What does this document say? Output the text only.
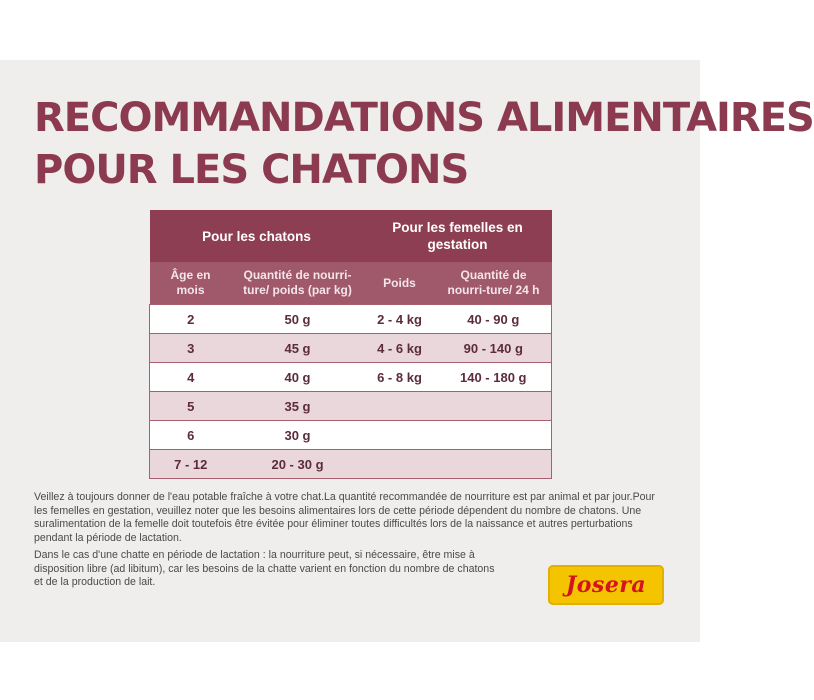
RECOMMANDATIONS ALIMENTAIRES
POUR LES CHATONS
Pour les chatons		Pour les femelles en gestation	
Âge en mois	Quantité de nourri-ture/ poids (par kg)	Poids	Quantité de nourri-ture/ 24 h
2	50 g	2 - 4 kg	40 - 90 g
3	45 g	4 - 6 kg	90 - 140 g
4	40 g	6 - 8 kg	140 - 180 g
5	35 g		
6	30 g		
7 - 12	20 - 30 g		

Veillez à toujours donner de l'eau potable fraîche à votre chat.La quantité recommandée de nourriture est par animal et par jour.Pour les femelles en gestation, veuillez noter que les besoins alimentaires lors de cette période dépendent du nombre de chatons. Une suralimentation de la femelle doit toutefois être évitée pour éliminer toutes difficultés lors de la naissance et autres perturbations pendant la période de lactation.

Dans le cas d'une chatte en période de lactation : la nourriture peut, si nécessaire, être mise à disposition libre (ad libitum), car les besoins de la chatte varient en fonction du nombre de chatons et de la production de lait.	Josera
